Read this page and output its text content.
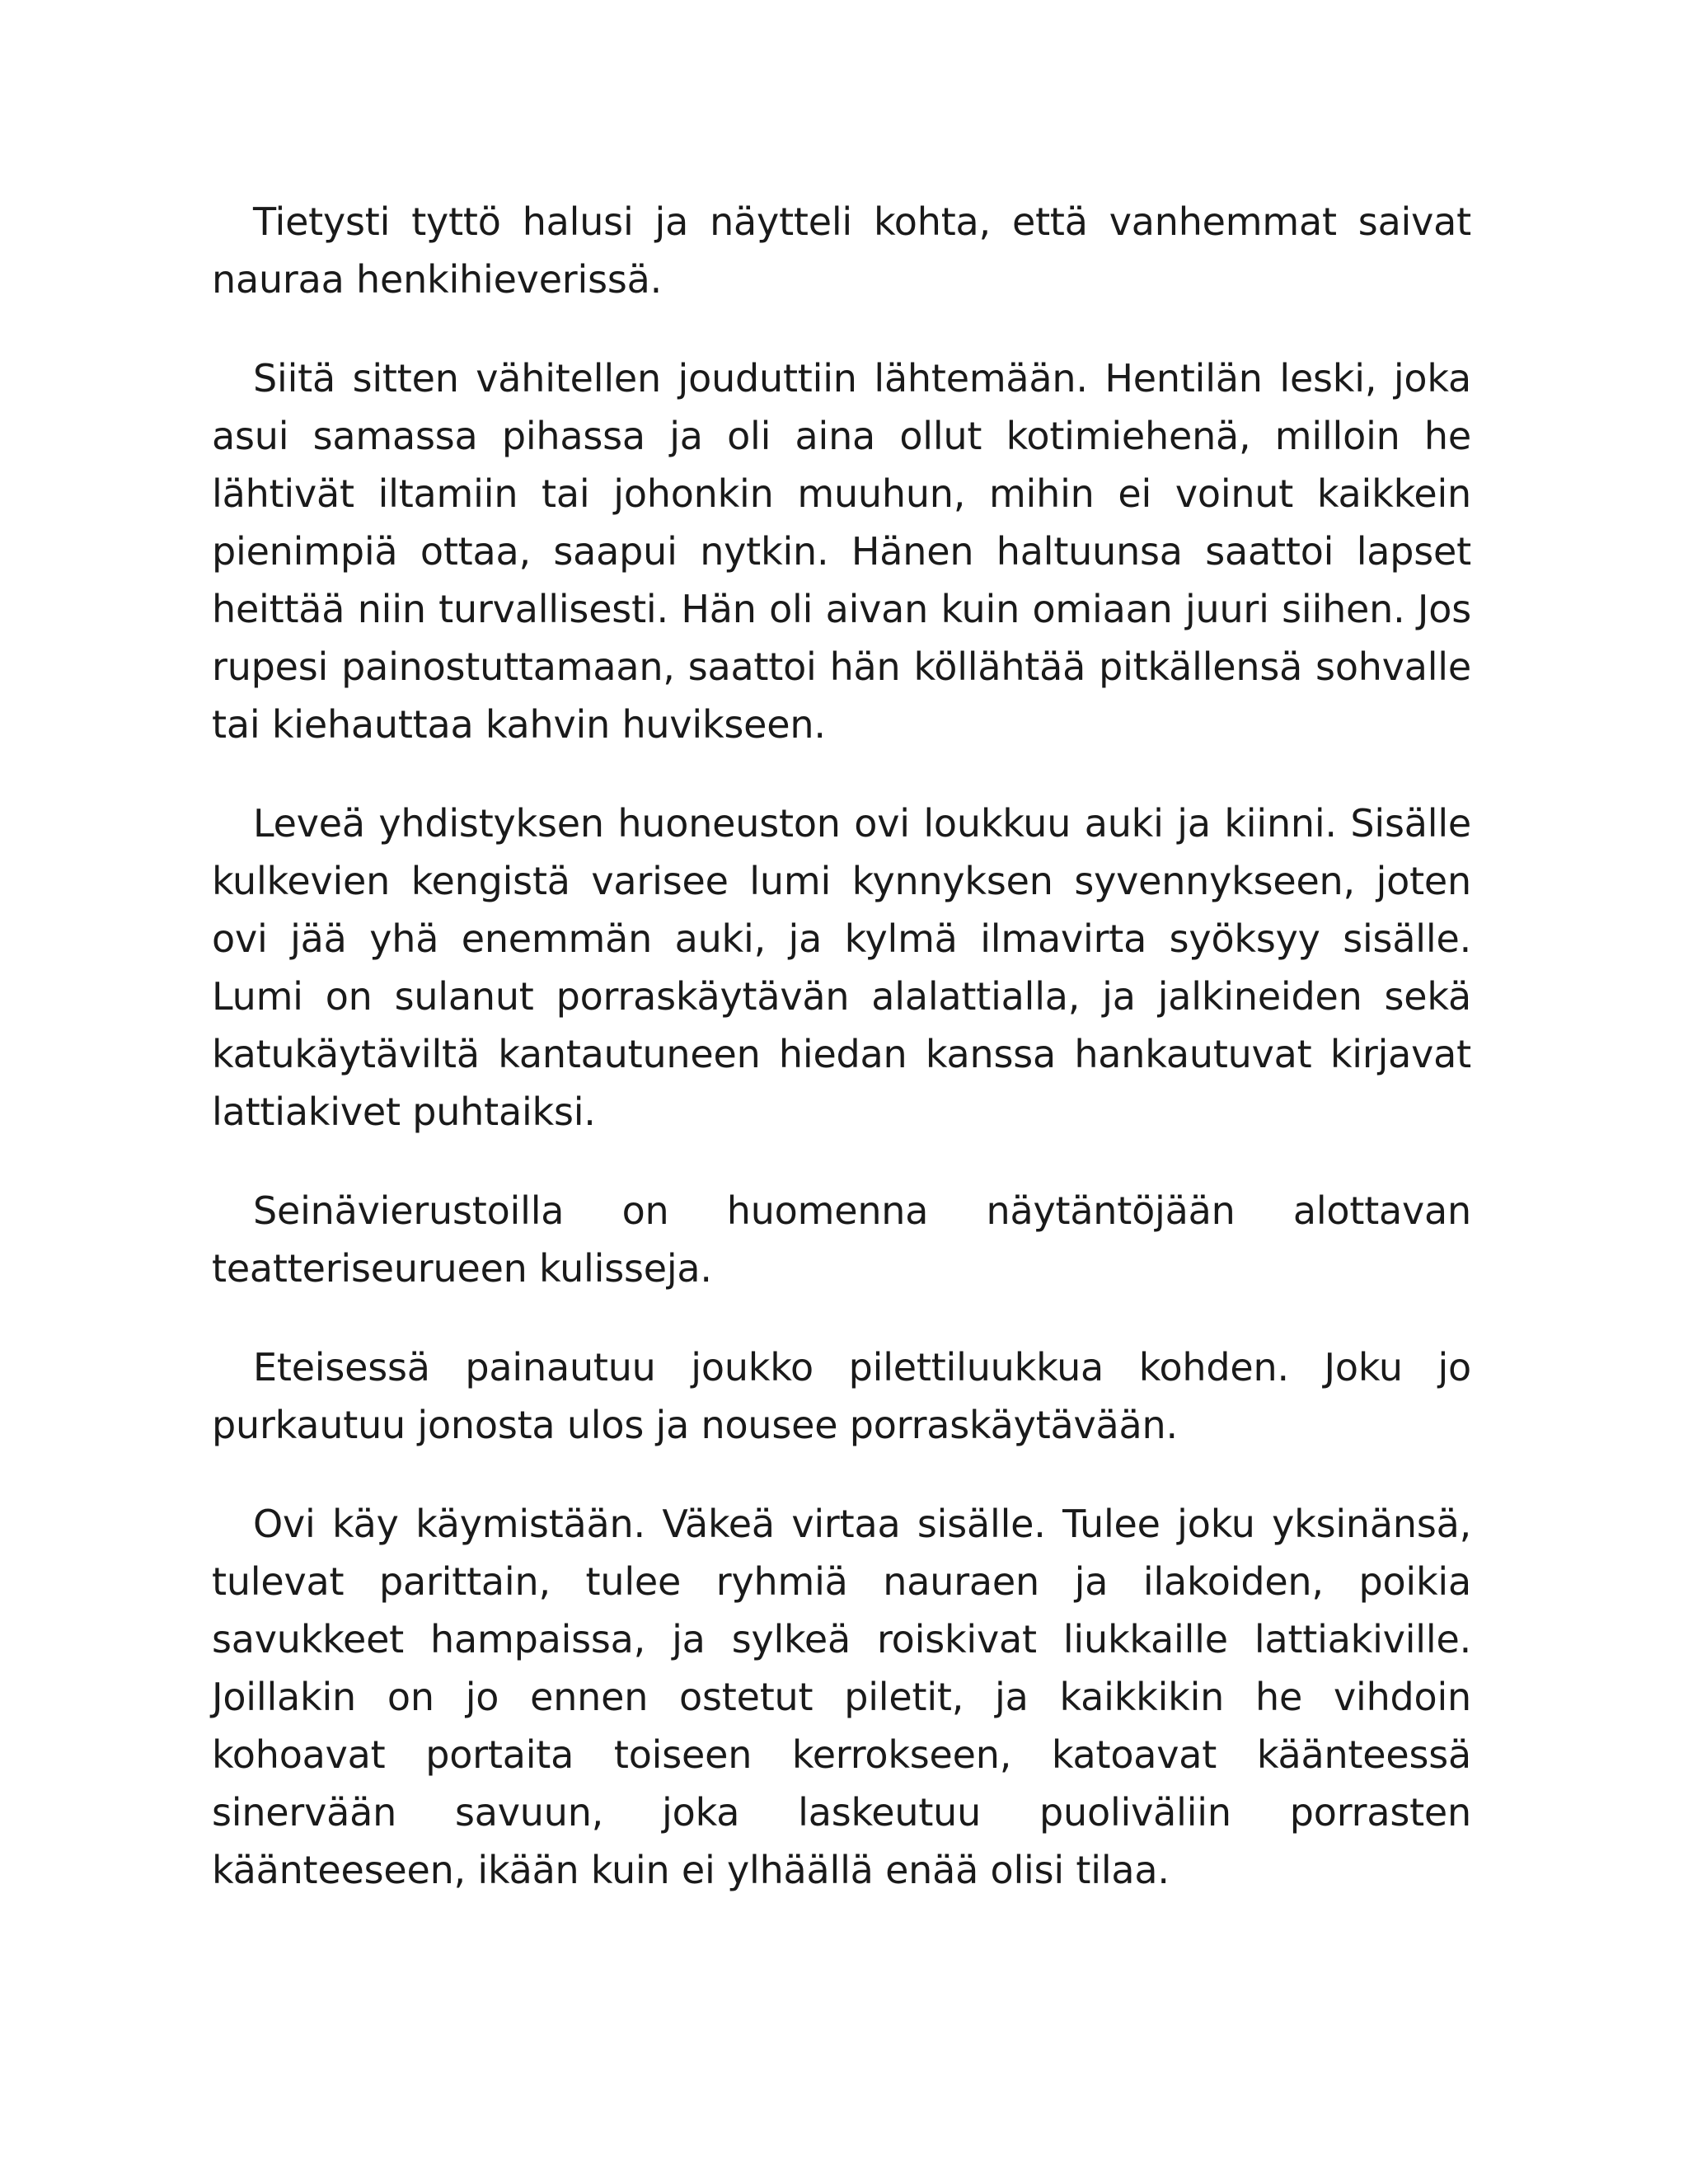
Tietysti tyttö halusi ja näytteli kohta, että vanhemmat saivat nauraa henkihieverissä.

Siitä sitten vähitellen jouduttiin lähtemään. Hentilän leski, joka asui samassa pihassa ja oli aina ollut kotimiehenä, milloin he lähtivät iltamiin tai johonkin muuhun, mihin ei voinut kaikkein pienimpiä ottaa, saapui nytkin. Hänen haltuunsa saattoi lapset heittää niin turvallisesti. Hän oli aivan kuin omiaan juuri siihen. Jos rupesi painostuttamaan, saattoi hän köllähtää pitkällensä sohvalle tai kiehauttaa kahvin huvikseen.

Leveä yhdistyksen huoneuston ovi loukkuu auki ja kiinni. Sisälle kulkevien kengistä varisee lumi kynnyksen syvennykseen, joten ovi jää yhä enemmän auki, ja kylmä ilmavirta syöksyy sisälle. Lumi on sulanut porraskäytävän alalattialla, ja jalkineiden sekä katukäytäviltä kantautuneen hiedan kanssa hankautuvat kirjavat lattiakivet puhtaiksi.

Seinävierustoilla on huomenna näytäntöjään alottavan teatteriseurueen kulisseja.

Eteisessä painautuu joukko pilettiluukkua kohden. Joku jo purkautuu jonosta ulos ja nousee porraskäytävään.

Ovi käy käymistään. Väkeä virtaa sisälle. Tulee joku yksinänsä, tulevat parittain, tulee ryhmiä nauraen ja ilakoiden, poikia savukkeet hampaissa, ja sylkeä roiskivat liukkaille lattiakiville. Joillakin on jo ennen ostetut piletit, ja kaikkikin he vihdoin kohoavat portaita toiseen kerrokseen, katoavat käänteessä sinervään savuun, joka laskeutuu puoliväliin porrasten käänteeseen, ikään kuin ei ylhäällä enää olisi tilaa.
